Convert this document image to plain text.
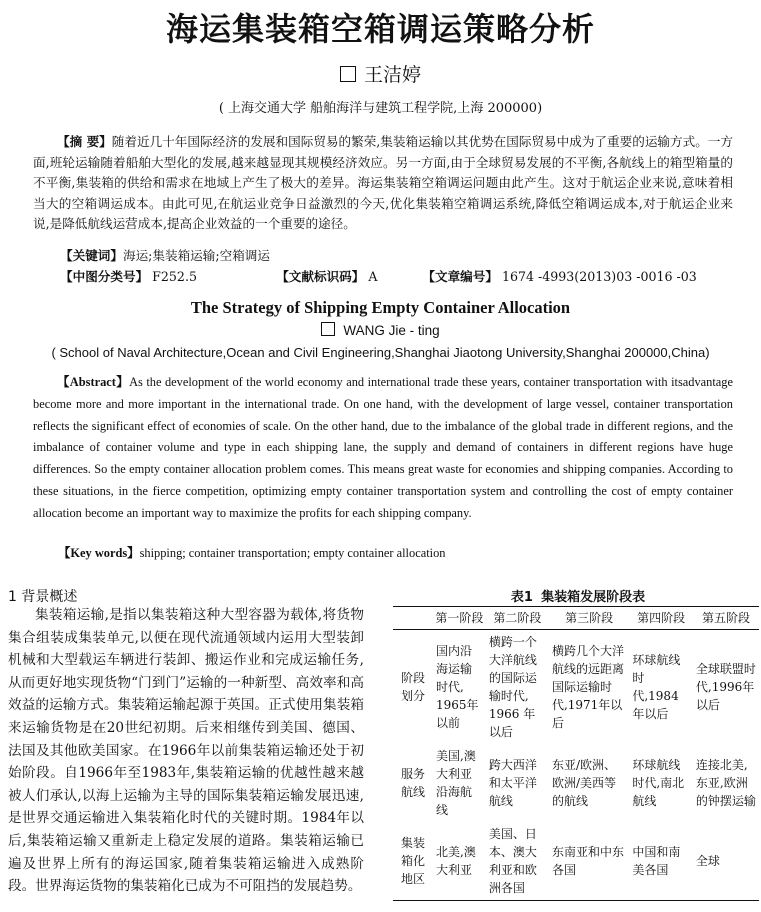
海运集装箱空箱调运策略分析
王洁婷
( 上海交通大学 船舶海洋与建筑工程学院,上海 200000)
【摘 要】随着近几十年国际经济的发展和国际贸易的繁荣,集装箱运输以其优势在国际贸易中成为了重要的运输方式。一方面,班轮运输随着船舶大型化的发展,越来越显现其规模经济效应。另一方面,由于全球贸易发展的不平衡,各航线上的箱型箱量的不平衡,集装箱的供给和需求在地域上产生了极大的差异。海运集装箱空箱调运问题由此产生。这对于航运企业来说,意味着相当大的空箱调运成本。由此可见,在航运业竞争日益激烈的今天,优化集装箱空箱调运系统,降低空箱调运成本,对于航运企业来说,是降低航线运营成本,提高企业效益的一个重要的途径。
【关键词】海运;集装箱运输;空箱调运
【中图分类号】 F252.5	【文献标识码】 A	【文章编号】 1674 -4993(2013)03 -0016 -03
The Strategy of Shipping Empty Container Allocation
WANG Jie - ting
( School of Naval Architecture,Ocean and Civil Engineering,Shanghai Jiaotong University,Shanghai 200000,China)
【Abstract】As the development of the world economy and international trade these years, container transportation with itsadvantage become more and more important in the international trade. On one hand, with the development of large vessel, container transportation reflects the significant effect of economies of scale. On the other hand, due to the imbalance of the global trade in different regions, and the imbalance of container volume and type in each shipping lane, the supply and demand of containers in different regions have huge differences. So the empty container allocation problem comes. This means great waste for economies and shipping companies. According to these situations, in the fierce competition, optimizing empty container transportation system and controlling the cost of empty container allocation become an important way to maximize the profits for each shipping company.
【Key words】shipping; container transportation; empty container allocation
1 背景概述
集装箱运输,是指以集装箱这种大型容器为载体,将货物集合组装成集装单元,以便在现代流通领域内运用大型装卸机械和大型载运车辆进行装卸、搬运作业和完成运输任务,从而更好地实现货物“门到门”运输的一种新型、高效率和高效益的运输方式。集装箱运输起源于英国。正式使用集装箱来运输货物是在20世纪初期。后来相继传到美国、德国、法国及其他欧美国家。在1966年以前集装箱运输还处于初始阶段。自1966年至1983年,集装箱运输的优越性越来越被人们承认,以海上运输为主导的国际集装箱运输发展迅速,是世界交通运输进入集装箱化时代的关键时期。1984年以后,集装箱运输又重新走上稳定发展的道路。集装箱运输已遍及世界上所有的海运国家,随着集装箱运输进入成熟阶段。世界海运货物的集装箱化已成为不可阻挡的发展趋势。
表1 集装箱发展阶段表
	第一阶段	第二阶段	第三阶段	第四阶段	第五阶段
阶段划分	国内沿海运输时代, 1965年以前	横跨一个大洋航线的国际运输时代, 1966 年以后	横跨几个大洋航线的远距离国际运输时代,1971年以后	环球航线时代,1984年以后	全球联盟时代,1996年以后
服务航线	美国,澳大利亚沿海航线	跨大西洋和太平洋航线	东亚/欧洲、欧洲/美西等的航线	环球航线时代,南北航线	连接北美,东亚,欧洲的钟摆运输
集装箱化地区	北美,澳大利亚	美国、日本、澳大利亚和欧洲各国	东南亚和中东各国	中国和南美各国	全球
